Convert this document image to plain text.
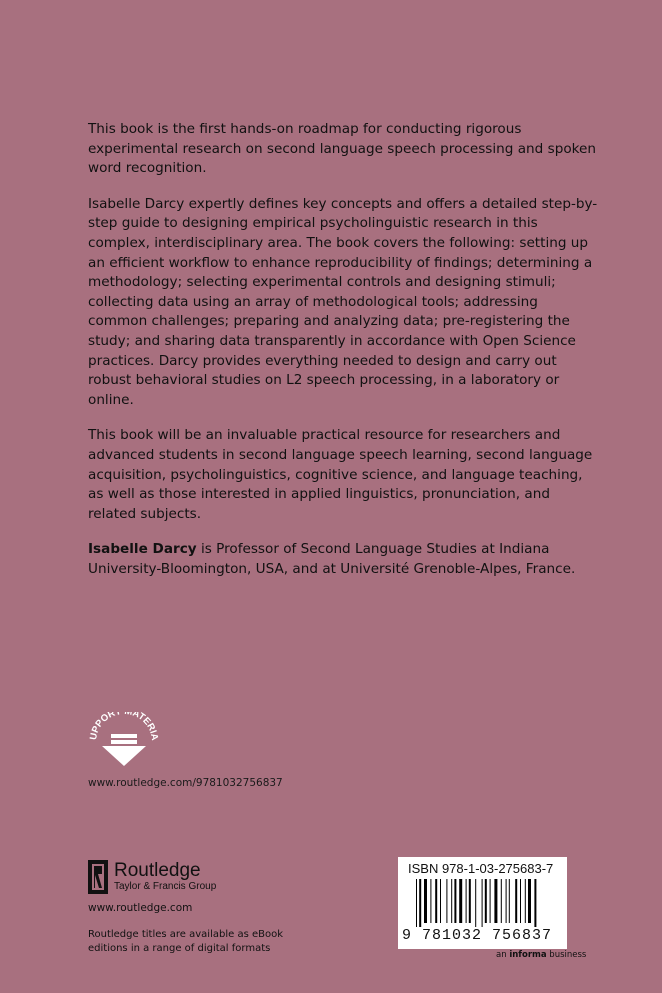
This book is the first hands-on roadmap for conducting rigorous experimental research on second language speech processing and spoken word recognition.

Isabelle Darcy expertly defines key concepts and offers a detailed step-by-step guide to designing empirical psycholinguistic research in this complex, interdisciplinary area. The book covers the following: setting up an efficient workflow to enhance reproducibility of findings; determining a methodology; selecting experimental controls and designing stimuli; collecting data using an array of methodological tools; addressing common challenges; preparing and analyzing data; pre-registering the study; and sharing data transparently in accordance with Open Science practices. Darcy provides everything needed to design and carry out robust behavioral studies on L2 speech processing, in a laboratory or online.

This book will be an invaluable practical resource for researchers and advanced students in second language speech learning, second language acquisition, psycholinguistics, cognitive science, and language teaching, as well as those interested in applied linguistics, pronunciation, and related subjects.

Isabelle Darcy is Professor of Second Language Studies at Indiana University-Bloomington, USA, and at Université Grenoble-Alpes, France.

UPPORT ATERIA
www.routledge.com/9781032756837
Routledge
Taylor & Francis Group
www.routledge.com
Routledge titles are available as eBook editions in a range of digital formats
ISBN 978-1-03-275683-7
9 781032 756837
an informa business
